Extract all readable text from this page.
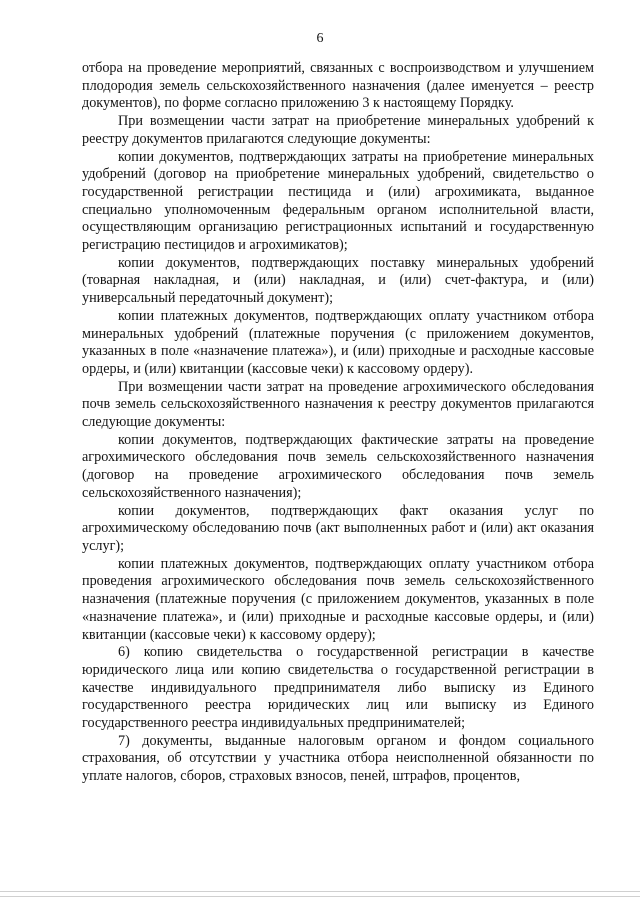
6

отбора на проведение мероприятий, связанных с воспроизводством и улучшением плодородия земель сельскохозяйственного назначения (далее именуется – реестр документов), по форме согласно приложению 3 к настоящему Порядку.

При возмещении части затрат на приобретение минеральных удобрений к реестру документов прилагаются следующие документы:

копии документов, подтверждающих затраты на приобретение минеральных удобрений (договор на приобретение минеральных удобрений, свидетельство о государственной регистрации пестицида и (или) агрохимиката, выданное специально уполномоченным федеральным органом исполнительной власти, осуществляющим организацию регистрационных испытаний и государственную регистрацию пестицидов и агрохимикатов);

копии документов, подтверждающих поставку минеральных удобрений (товарная накладная, и (или) накладная, и (или) счет-фактура, и (или) универсальный передаточный документ);

копии платежных документов, подтверждающих оплату участником отбора минеральных удобрений (платежные поручения (с приложением документов, указанных в поле «назначение платежа»), и (или) приходные и расходные кассовые ордеры, и (или) квитанции (кассовые чеки) к кассовому ордеру).

При возмещении части затрат на проведение агрохимического обследования почв земель сельскохозяйственного назначения к реестру документов прилагаются следующие документы:

копии документов, подтверждающих фактические затраты на проведение агрохимического обследования почв земель сельскохозяйственного назначения (договор на проведение агрохимического обследования почв земель сельскохозяйственного назначения);

копии документов, подтверждающих факт оказания услуг по агрохимическому обследованию почв (акт выполненных работ и (или) акт оказания услуг);

копии платежных документов, подтверждающих оплату участником отбора проведения агрохимического обследования почв земель сельскохозяйственного назначения (платежные поручения (с приложением документов, указанных в поле «назначение платежа», и (или) приходные и расходные кассовые ордеры, и (или) квитанции (кассовые чеки) к кассовому ордеру);

6) копию свидетельства о государственной регистрации в качестве юридического лица или копию свидетельства о государственной регистрации в качестве индивидуального предпринимателя либо выписку из Единого государственного реестра юридических лиц или выписку из Единого государственного реестра индивидуальных предпринимателей;

7) документы, выданные налоговым органом и фондом социального страхования, об отсутствии у участника отбора неисполненной обязанности по уплате налогов, сборов, страховых взносов, пеней, штрафов, процентов,
